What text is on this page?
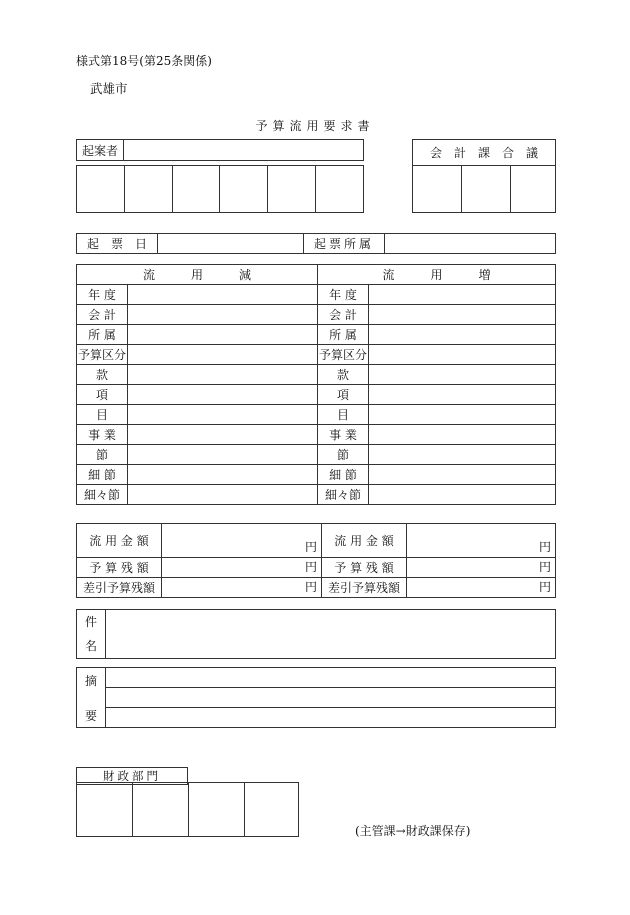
様式第18号(第25条関係)
武雄市
予算流用要求書
起案者	
						会　計　課　合　議

起　票　日		起票所属	
流　　　用　　　減		流　　　用　　　増	
年 度		年 度	
会 計		会 計	
所 属		所 属	
予算区分		予算区分	
款		款	
項		項	
目		目	
事 業		事 業	
節		節	
細 節		細 節	
細々節		細々節	
流 用 金 額	円	流 用 金 額	円
予 算 残 額	円	予 算 残 額	円
差引予算残額	円	差引予算残額	円
件
名

摘
要

財政部門

(主管課→財政課保存)
